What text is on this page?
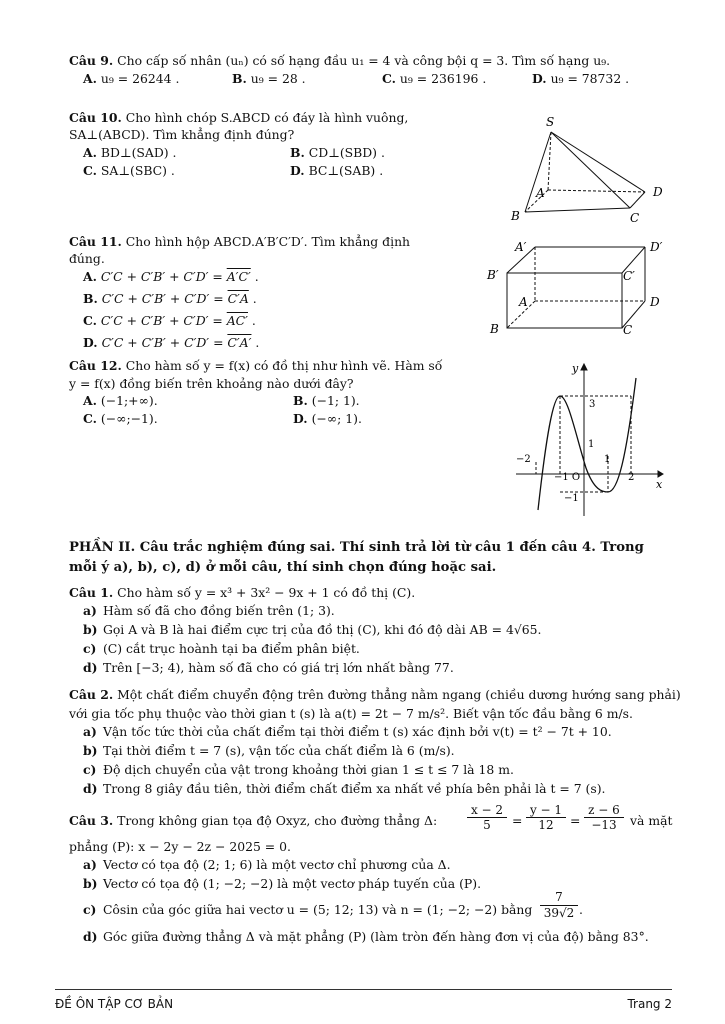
Câu 9. Cho cấp số nhân (uₙ) có số hạng đầu u₁ = 4 và công bội q = 3. Tìm số hạng u₉.
A. u₉ = 26244 .	B. u₉ = 28 .	C. u₉ = 236196 .	D. u₉ = 78732 .
Câu 10. Cho hình chóp S.ABCD có đáy là hình vuông,
SA⊥(ABCD). Tìm khẳng định đúng?
A. BD⊥(SAD) .	B. CD⊥(SBD) .
C. SA⊥(SBC) .	D. BC⊥(SAB) .
S
A
B	C
D
Câu 11. Cho hình hộp ABCD.A′B′C′D′. Tìm khẳng định
đúng.
A. C′C + C′B′ + C′D′ = A′C′ .
B. C′C + C′B′ + C′D′ = C′A .
C. C′C + C′B′ + C′D′ = AC′ .
D. C′C + C′B′ + C′D′ = C′A′ .
A′	D′
B′	C′
A	D
B	C
Câu 12. Cho hàm số y = f(x) có đồ thị như hình vẽ. Hàm số
y = f(x) đồng biến trên khoảng nào dưới đây?
A. (−1;+∞).	B. (−1; 1).
C. (−∞;−1).	D. (−∞; 1).
y
x
3
1
−2	1
−1 O	2
−1
PHẦN II. Câu trắc nghiệm đúng sai. Thí sinh trả lời từ câu 1 đến câu 4. Trong mỗi ý a), b), c), d) ở mỗi câu, thí sinh chọn đúng hoặc sai.
Câu 1. Cho hàm số y = x³ + 3x² − 9x + 1 có đồ thị (C).
a) Hàm số đã cho đồng biến trên (1; 3).
b) Gọi A và B là hai điểm cực trị của đồ thị (C), khi đó độ dài AB = 4√65.
c) (C) cắt trục hoành tại ba điểm phân biệt.
d) Trên [−3; 4), hàm số đã cho có giá trị lớn nhất bằng 77.
Câu 2. Một chất điểm chuyển động trên đường thẳng nằm ngang (chiều dương hướng sang phải)
với gia tốc phụ thuộc vào thời gian t (s) là a(t) = 2t − 7 m/s². Biết vận tốc đầu bằng 6 m/s.
a) Vận tốc tức thời của chất điểm tại thời điểm t (s) xác định bởi v(t) = t² − 7t + 10.
b) Tại thời điểm t = 7 (s), vận tốc của chất điểm là 6 (m/s).
c) Độ dịch chuyển của vật trong khoảng thời gian 1 ≤ t ≤ 7 là 18 m.
d) Trong 8 giây đầu tiên, thời điểm chất điểm xa nhất về phía bên phải là t = 7 (s).
Câu 3. Trong không gian tọa độ Oxyz, cho đường thẳng Δ:
x − 2
5	=
y − 1
12	=
z − 6
−13	và mặt
phẳng (P): x − 2y − 2z − 2025 = 0.
a) Vectơ có tọa độ (2; 1; 6) là một vectơ chỉ phương của Δ.
b) Vectơ có tọa độ (1; −2; −2) là một vectơ pháp tuyến của (P).
c) Côsin của góc giữa hai vectơ u = (5; 12; 13) và n = (1; −2; −2) bằng
7
39√2 .
d) Góc giữa đường thẳng Δ và mặt phẳng (P) (làm tròn đến hàng đơn vị của độ) bằng 83°.
ĐỀ ÔN TẬP CƠ BẢN	Trang 2
